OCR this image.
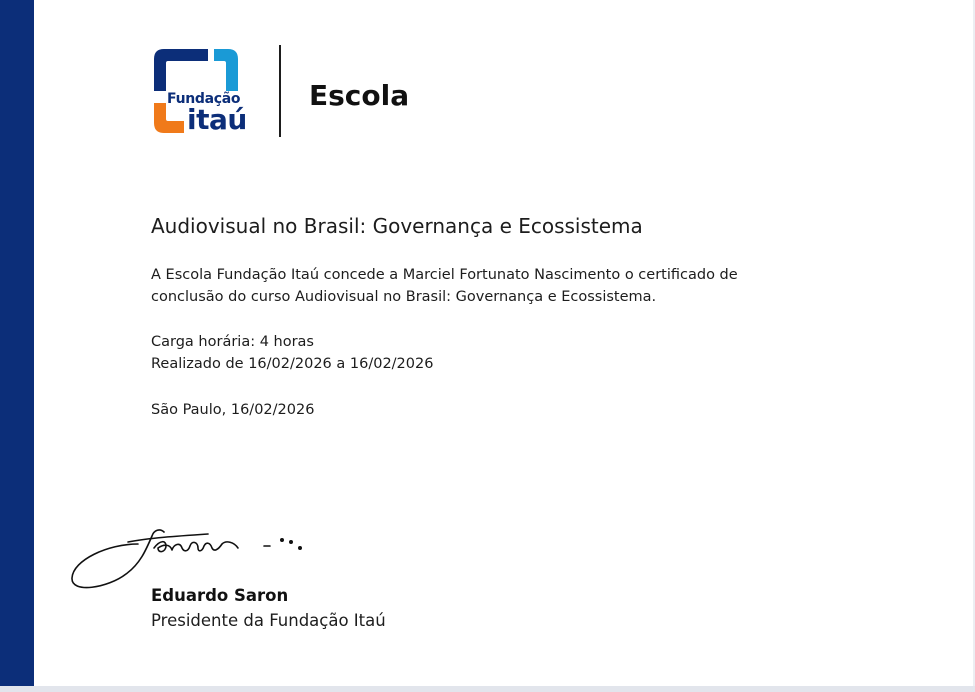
Fundação
itaú
Escola
Audiovisual no Brasil: Governança e Ecossistema
A Escola Fundação Itaú concede a Marciel Fortunato Nascimento o certificado de
conclusão do curso Audiovisual no Brasil: Governança e Ecossistema.
Carga horária: 4 horas
Realizado de 16/02/2026 a 16/02/2026
São Paulo, 16/02/2026
Eduardo Saron
Presidente da Fundação Itaú
